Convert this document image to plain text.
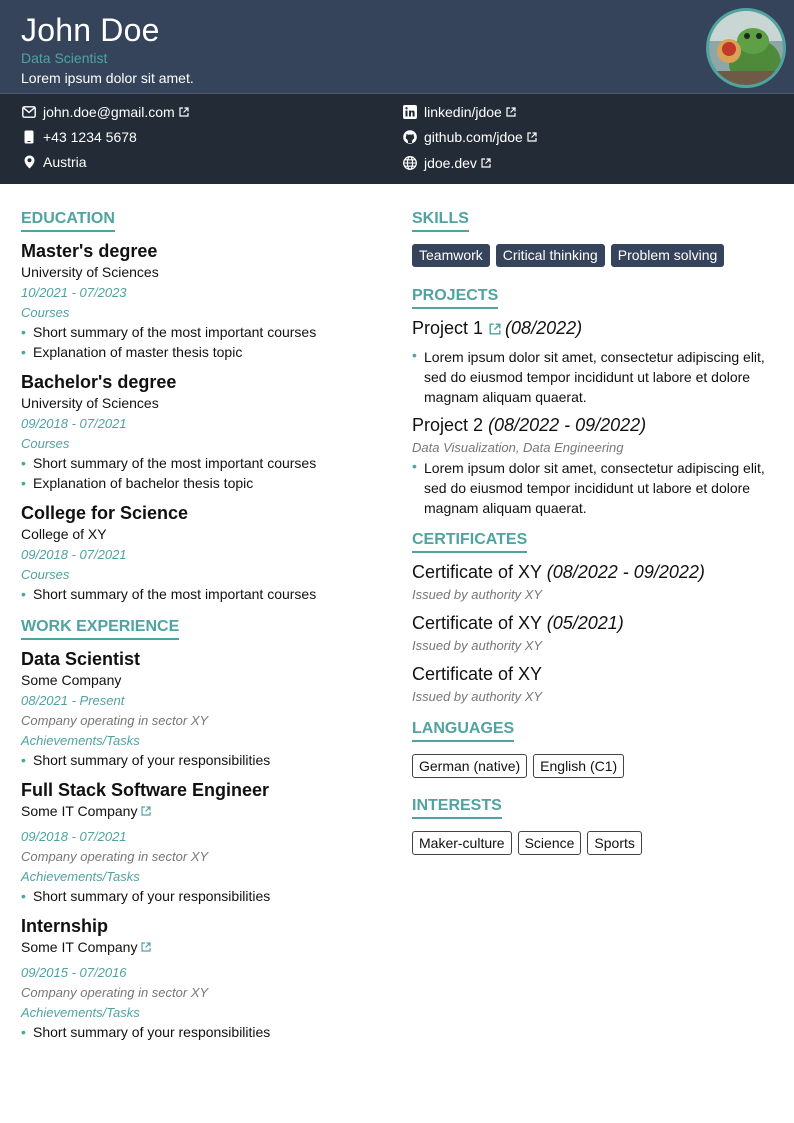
John Doe
Data Scientist
Lorem ipsum dolor sit amet.
john.doe@gmail.com
+43 1234 5678
Austria
linkedin/jdoe
github.com/jdoe
jdoe.dev
EDUCATION
Master's degree
University of Sciences
10/2021 - 07/2023
Courses
• Short summary of the most important courses
• Explanation of master thesis topic
Bachelor's degree
University of Sciences
09/2018 - 07/2021
Courses
• Short summary of the most important courses
• Explanation of bachelor thesis topic
College for Science
College of XY
09/2018 - 07/2021
Courses
• Short summary of the most important courses
WORK EXPERIENCE
Data Scientist
Some Company
08/2021 - Present
Company operating in sector XY
Achievements/Tasks
• Short summary of your responsibilities
Full Stack Software Engineer
Some IT Company
09/2018 - 07/2021
Company operating in sector XY
Achievements/Tasks
• Short summary of your responsibilities
Internship
Some IT Company
09/2015 - 07/2016
Company operating in sector XY
Achievements/Tasks
• Short summary of your responsibilities
SKILLS
Teamwork	Critical thinking	Problem solving
PROJECTS
Project 1 (08/2022)
• Lorem ipsum dolor sit amet, consectetur adipiscing elit, sed do eiusmod tempor incididunt ut labore et dolore magnam aliquam quaerat.
Project 2 (08/2022 - 09/2022)
Data Visualization, Data Engineering
• Lorem ipsum dolor sit amet, consectetur adipiscing elit, sed do eiusmod tempor incididunt ut labore et dolore magnam aliquam quaerat.
CERTIFICATES
Certificate of XY (08/2022 - 09/2022)
Issued by authority XY
Certificate of XY (05/2021)
Issued by authority XY
Certificate of XY
Issued by authority XY
LANGUAGES
German (native)	English (C1)
INTERESTS
Maker-culture	Science	Sports
